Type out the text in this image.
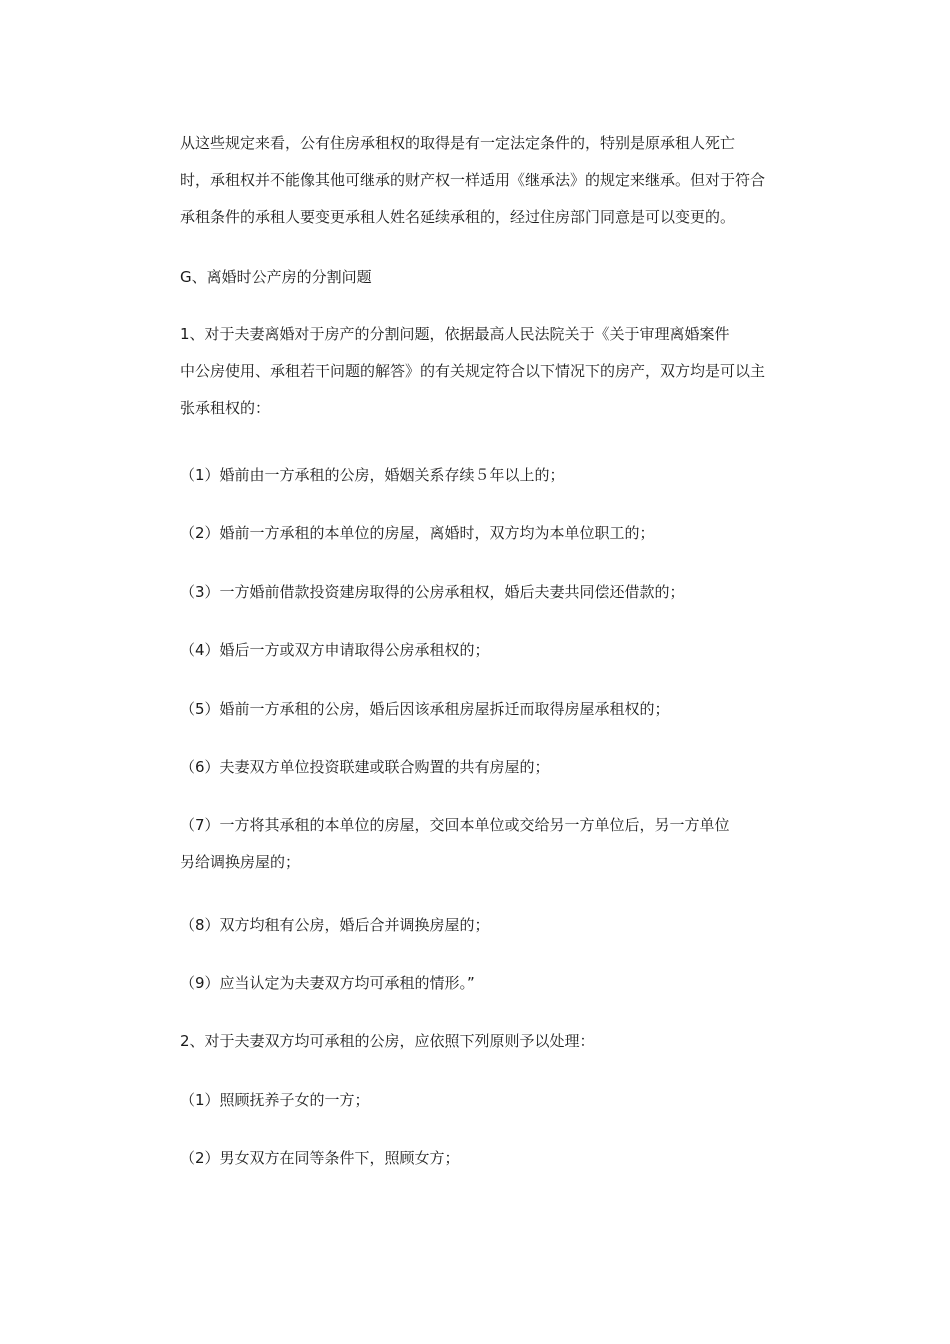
从这些规定来看，公有住房承租权的取得是有一定法定条件的，特别是原承租人死亡
时，承租权并不能像其他可继承的财产权一样适用《继承法》的规定来继承。但对于符合
承租条件的承租人要变更承租人姓名延续承租的，经过住房部门同意是可以变更的。
G、离婚时公产房的分割问题
1、对于夫妻离婚对于房产的分割问题，依据最高人民法院关于《关于审理离婚案件
中公房使用、承租若干问题的解答》的有关规定符合以下情况下的房产，双方均是可以主
张承租权的：
（1）婚前由一方承租的公房，婚姻关系存续５年以上的；
（2）婚前一方承租的本单位的房屋，离婚时，双方均为本单位职工的；
（3）一方婚前借款投资建房取得的公房承租权，婚后夫妻共同偿还借款的；
（4）婚后一方或双方申请取得公房承租权的；
（5）婚前一方承租的公房，婚后因该承租房屋拆迁而取得房屋承租权的；
（6）夫妻双方单位投资联建或联合购置的共有房屋的；
（7）一方将其承租的本单位的房屋，交回本单位或交给另一方单位后，另一方单位
另给调换房屋的；
（8）双方均租有公房，婚后合并调换房屋的；
（9）应当认定为夫妻双方均可承租的情形。”
2、对于夫妻双方均可承租的公房，应依照下列原则予以处理：
（1）照顾抚养子女的一方；
（2）男女双方在同等条件下，照顾女方；
